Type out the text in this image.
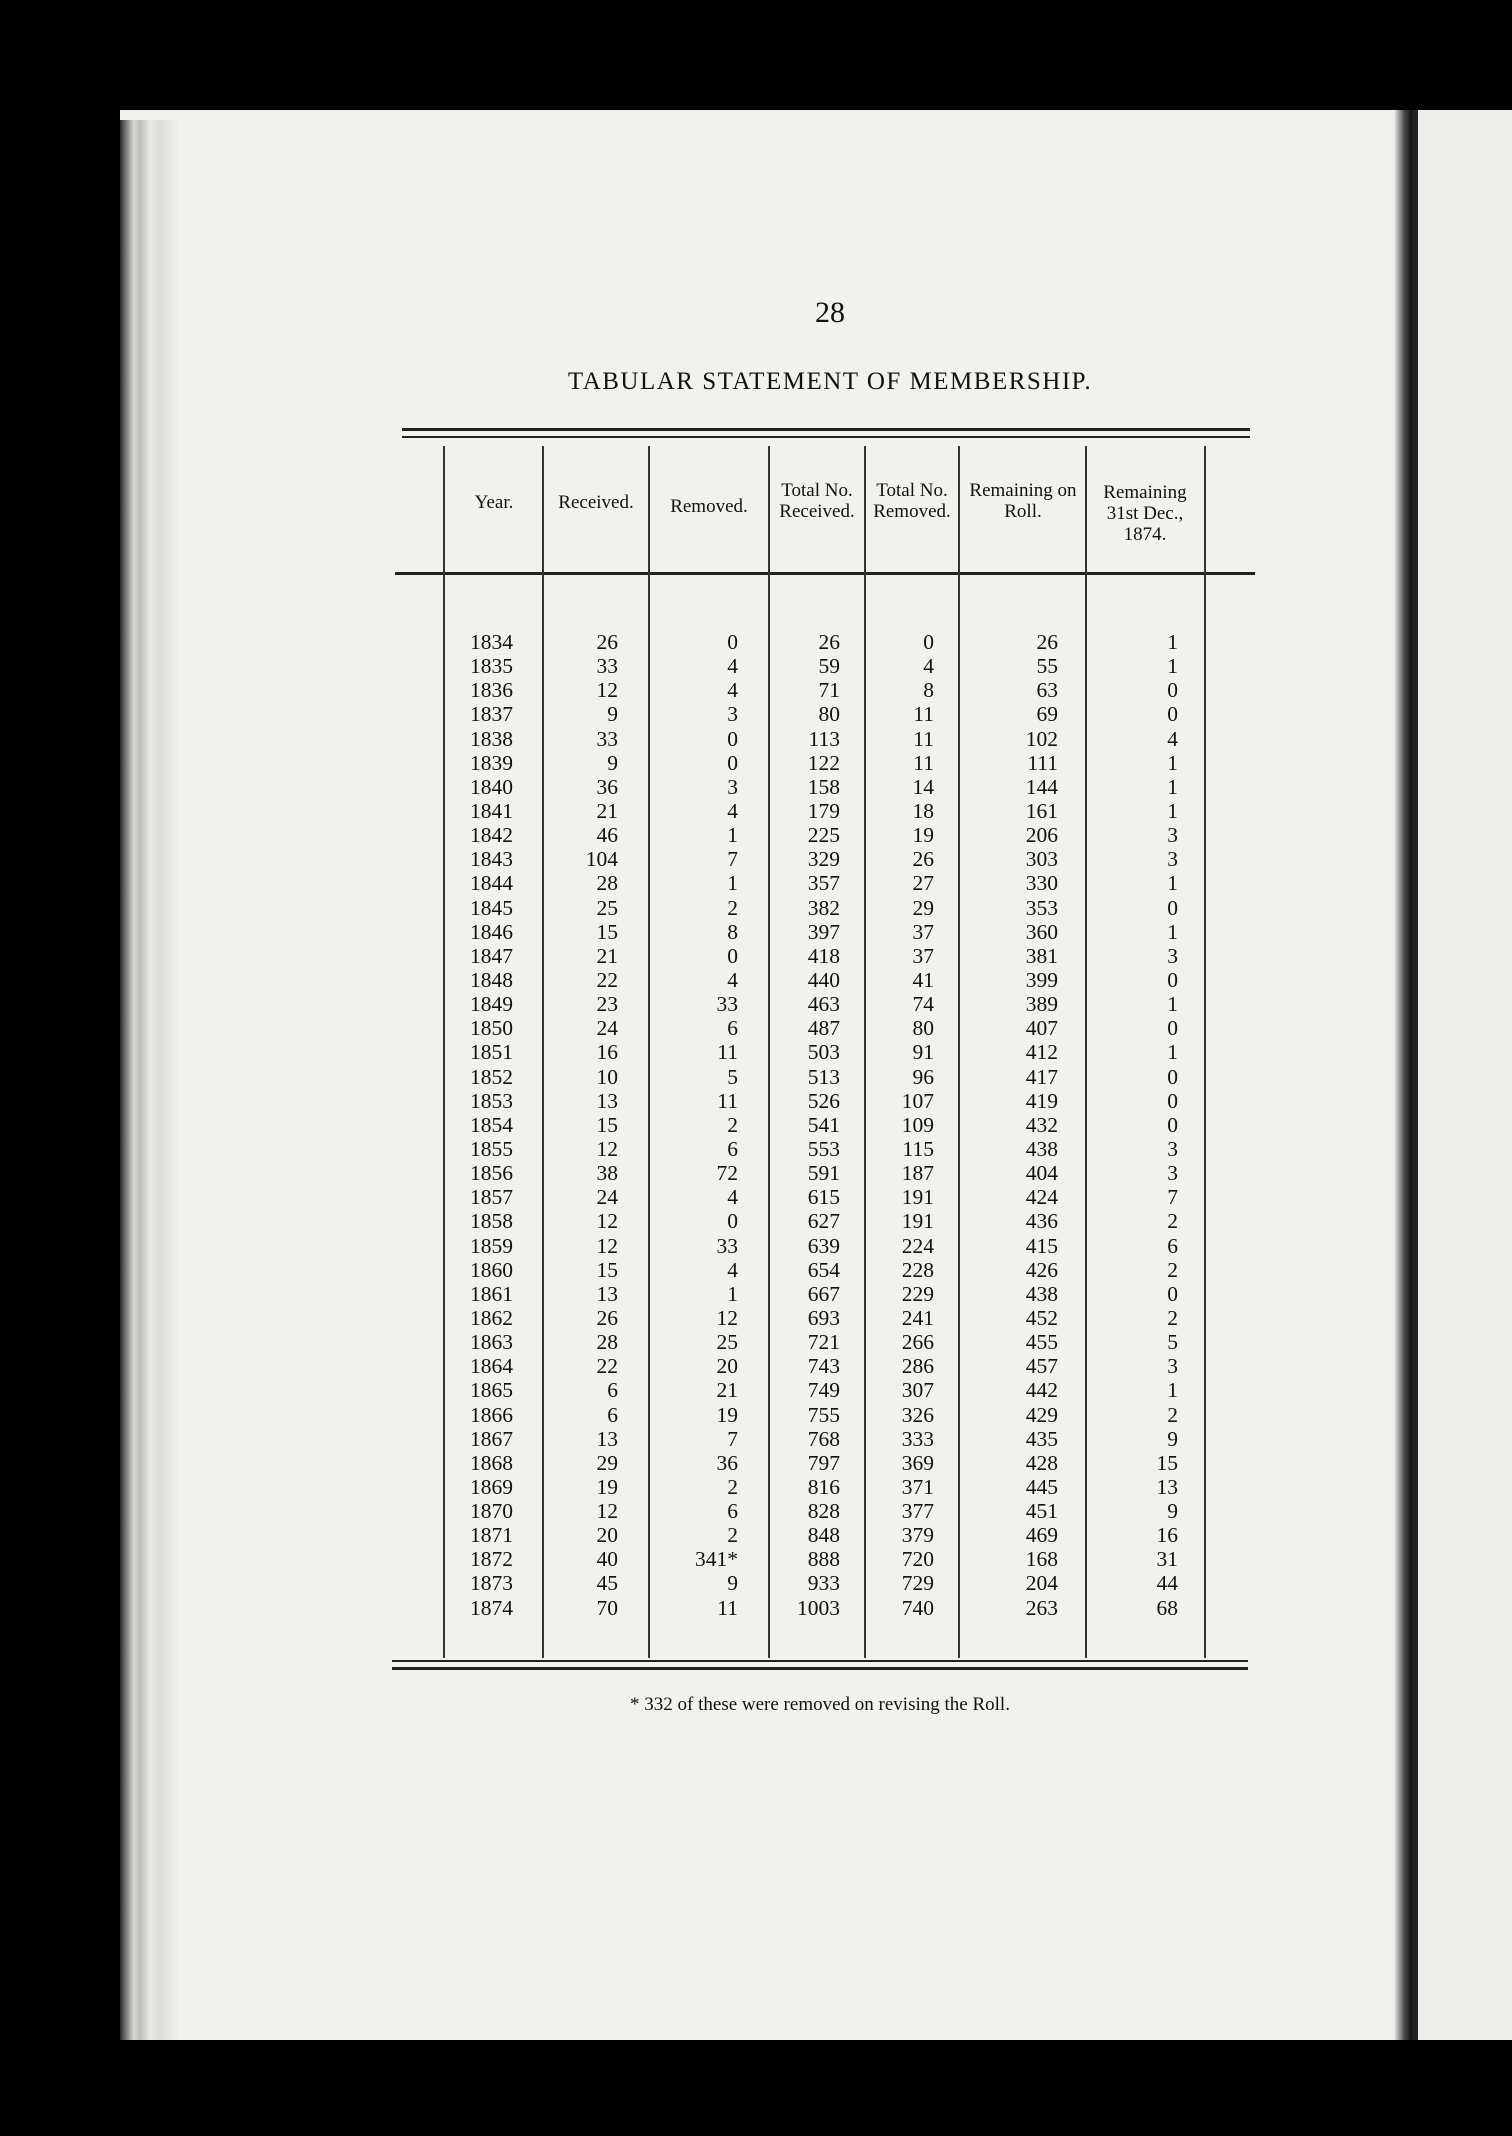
28
TABULAR STATEMENT OF MEMBERSHIP.
Year.	Received.	Removed.
Total No. Received.
Total No. Removed.
Remaining on Roll.
Remaining 31st Dec., 1874.
1834
1835
1836
1837
1838
1839
1840
1841
1842
1843
1844
1845
1846
1847
1848
1849
1850
1851
1852
1853
1854
1855
1856
1857
1858
1859
1860
1861
1862
1863
1864
1865
1866
1867
1868
1869
1870
1871
1872
1873
1874
26
33
12
9
33
9
36
21
46
104
28
25
15
21
22
23
24
16
10
13
15
12
38
24
12
12
15
13
26
28
22
6
6
13
29
19
12
20
40
45
70
0
4
4
3
0
0
3
4
1
7
1
2
8
0
4
33
6
11
5
11
2
6
72
4
0
33
4
1
12
25
20
21
19
7
36
2
6
2
341*
9
11
26
59
71
80
113
122
158
179
225
329
357
382
397
418
440
463
487
503
513
526
541
553
591
615
627
639
654
667
693
721
743
749
755
768
797
816
828
848
888
933
1003
0
4
8
11
11
11
14
18
19
26
27
29
37
37
41
74
80
91
96
107
109
115
187
191
191
224
228
229
241
266
286
307
326
333
369
371
377
379
720
729
740
26
55
63
69
102
111
144
161
206
303
330
353
360
381
399
389
407
412
417
419
432
438
404
424
436
415
426
438
452
455
457
442
429
435
428
445
451
469
168
204
263
1
1
0
0
4
1
1
1
3
3
1
0
1
3
0
1
0
1
0
0
0
3
3
7
2
6
2
0
2
5
3
1
2
9
15
13
9
16
31
44
68
* 332 of these were removed on revising the Roll.
